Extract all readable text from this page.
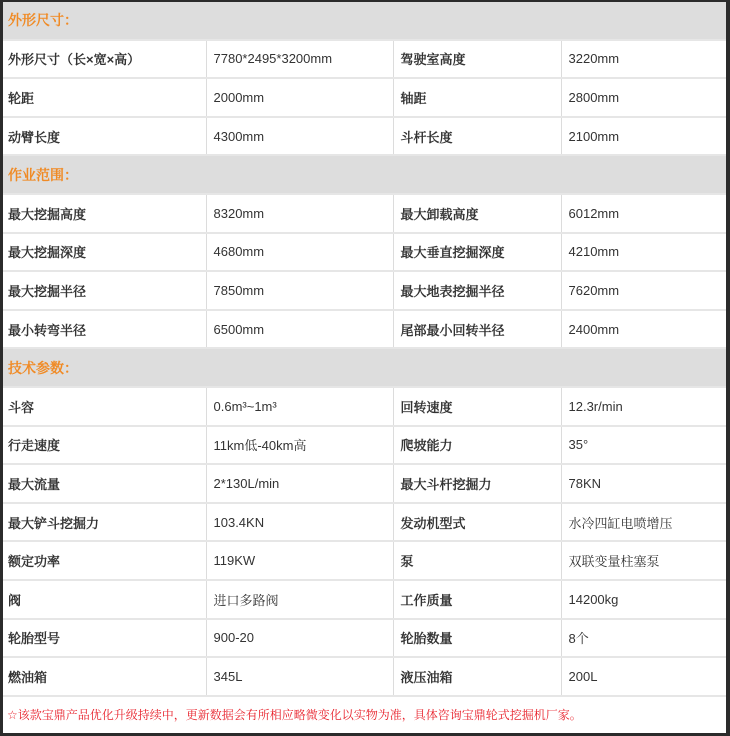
外形尺寸：			
外形尺寸（长×宽×高）	7780*2495*3200mm	驾驶室高度	3220mm
轮距	2000mm	轴距	2800mm
动臂长度	4300mm	斗杆长度	2100mm
作业范围：			
最大挖掘高度	8320mm	最大卸载高度	6012mm
最大挖掘深度	4680mm	最大垂直挖掘深度	4210mm
最大挖掘半径	7850mm	最大地表挖掘半径	7620mm
最小转弯半径	6500mm	尾部最小回转半径	2400mm
技术参数：			
斗容	0.6m³~1m³	回转速度	12.3r/min
行走速度	11km低-40km高	爬坡能力	35°
最大流量	2*130L/min	最大斗杆挖掘力	78KN
最大铲斗挖掘力	103.4KN	发动机型式	水冷四缸电喷增压
额定功率	119KW	泵	双联变量柱塞泵
阀	进口多路阀	工作质量	14200kg
轮胎型号	900-20	轮胎数量	8个
燃油箱	345L	液压油箱	200L
☆该款宝鼎产品优化升级持续中，更新数据会有所相应略微变化以实物为准，具体咨询宝鼎轮式挖掘机厂家。
